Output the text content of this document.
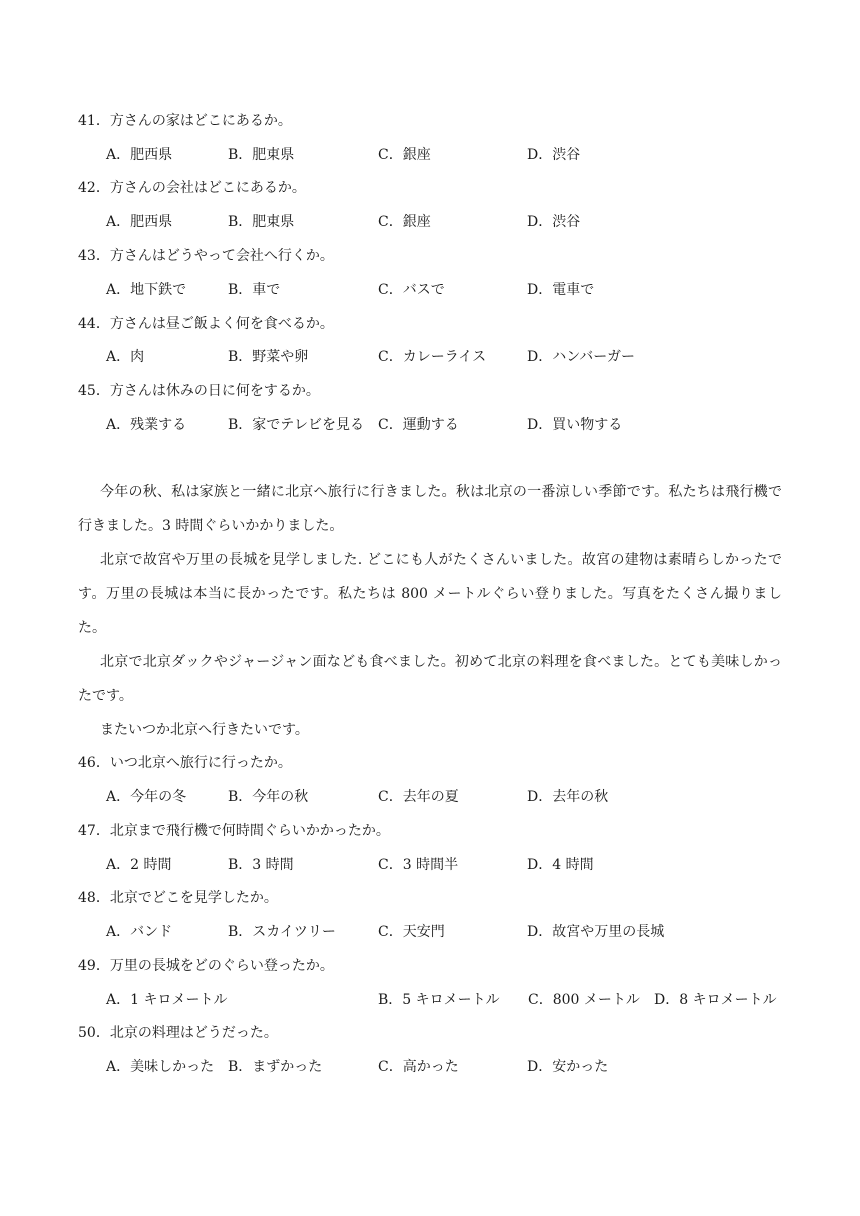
41．方さんの家はどこにあるか。
A．肥西県	B．肥東県	C．銀座	D．渋谷
42．方さんの会社はどこにあるか。
A．肥西県	B．肥東県	C．銀座	D．渋谷
43．方さんはどうやって会社へ行くか。
A．地下鉄で	B．車で	C．バスで	D．電車で
44．方さんは昼ご飯よく何を食べるか。
A．肉	B．野菜や卵	C．カレーライス	D．ハンバーガー
45．方さんは休みの日に何をするか。
A．残業する	B．家でテレビを見る C．運動する	D．買い物する
今年の秋、私は家族と一緒に北京へ旅行に行きました。秋は北京の一番涼しい季節です。私たちは飛行機で行きました。3 時間ぐらいかかりました。
北京で故宮や万里の長城を見学しました. どこにも人がたくさんいました。故宮の建物は素晴らしかったです。万里の長城は本当に長かったです。私たちは 800 メートルぐらい登りました。写真をたくさん撮りました。
北京で北京ダックやジャージャン面なども食べました。初めて北京の料理を食べました。とても美味しかったです。
またいつか北京へ行きたいです。
46．いつ北京へ旅行に行ったか。
A．今年の冬	B．今年の秋	C．去年の夏	D．去年の秋
47．北京まで飛行機で何時間ぐらいかかったか。
A．2 時間	B．3 時間	C．3 時間半	D．4 時間
48．北京でどこを見学したか。
A．バンド	B．スカイツリー	C．天安門	D．故宮や万里の長城
49．万里の長城をどのぐらい登ったか。
A．1 キロメートル	B．5 キロメートル C．800 メートル D．8 キロメートル
50．北京の料理はどうだった。
A．美味しかった B．まずかった	C．高かった	D．安かった
